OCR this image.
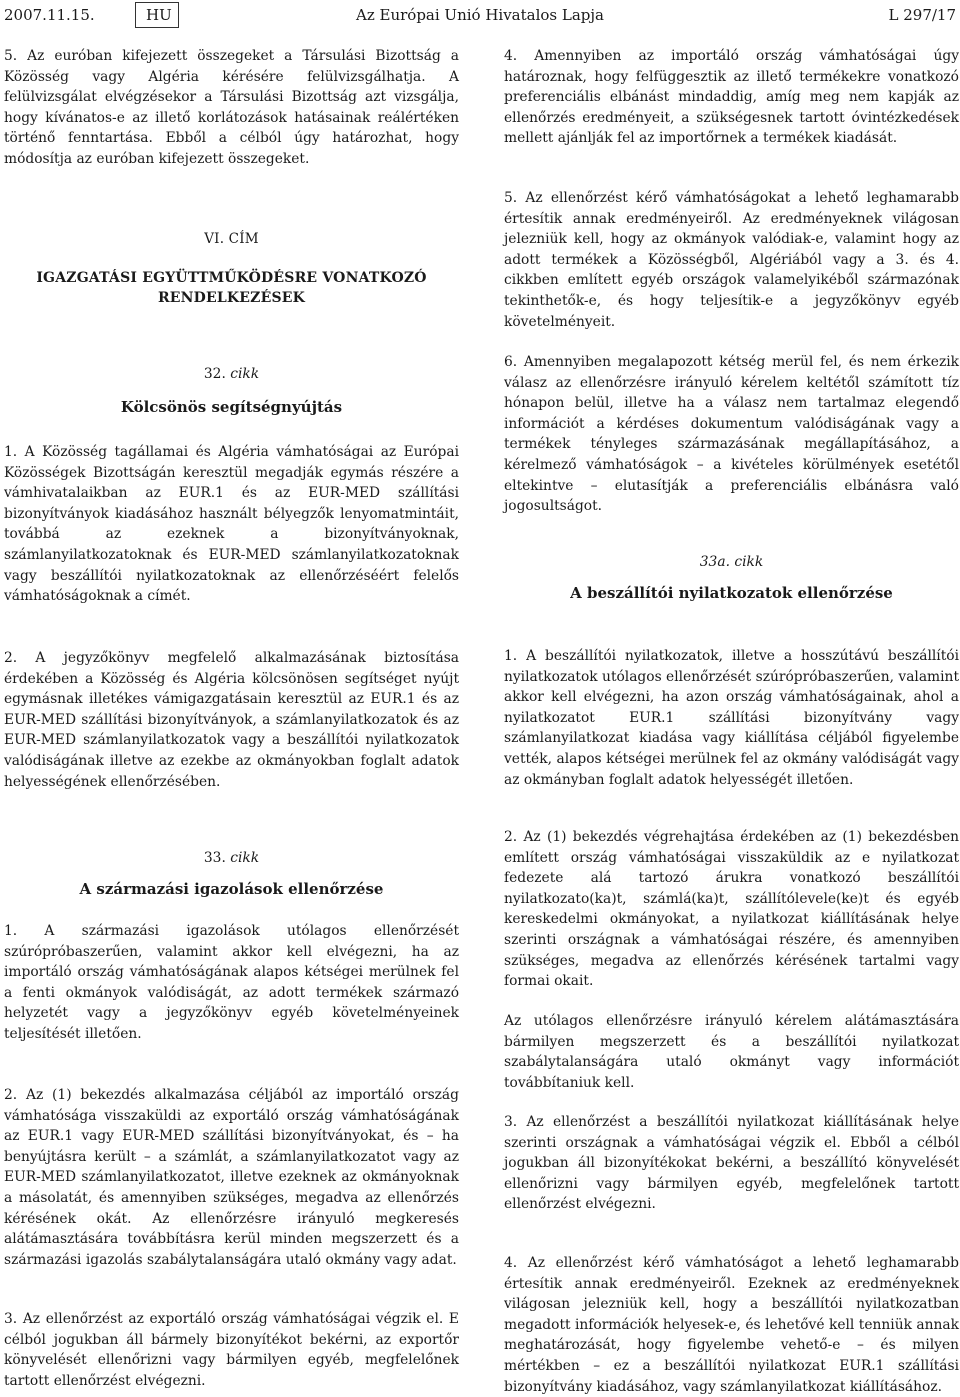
2007.11.15.	HU	Az Európai Unió Hivatalos Lapja	L 297/17

5. Az euróban kifejezett összegeket a Társulási Bizottság a Közösség vagy Algéria kérésére felülvizsgálhatja. A felülvizsgálat elvégzésekor a Társulási Bizottság azt vizsgálja, hogy kívánatos-e az illető korlátozások hatásainak reálértéken történő fenntartása. Ebből a célból úgy határozhat, hogy módosítja az euróban kifejezett összegeket.

VI. CÍM
IGAZGATÁSI EGYÜTTMŰKÖDÉSRE VONATKOZÓ
RENDELKEZÉSEK
32. cikk
Kölcsönös segítségnyújtás

1. A Közösség tagállamai és Algéria vámhatóságai az Európai Közösségek Bizottságán keresztül megadják egymás részére a vámhivatalaikban az EUR.1 és az EUR-MED szállítási bizonyítványok kiadásához használt bélyegzők lenyomatmintáit, továbbá az ezeknek a bizonyítványoknak, számlanyilatkozatoknak és EUR-MED számlanyilatkozatoknak vagy beszállítói nyilatkozatoknak az ellenőrzéséért felelős vámhatóságoknak a címét.

2. A jegyzőkönyv megfelelő alkalmazásának biztosítása érdekében a Közösség és Algéria kölcsönösen segítséget nyújt egymásnak illetékes vámigazgatásain keresztül az EUR.1 és az EUR-MED szállítási bizonyítványok, a számlanyilatkozatok és az EUR-MED számlanyilatkozatok vagy a beszállítói nyilatkozatok valódiságának illetve az ezekbe az okmányokban foglalt adatok helyességének ellenőrzésében.

33. cikk
A származási igazolások ellenőrzése

1. A származási igazolások utólagos ellenőrzését szúrópróbaszerűen, valamint akkor kell elvégezni, ha az importáló ország vámhatóságának alapos kétségei merülnek fel a fenti okmányok valódiságát, az adott termékek származó helyzetét vagy a jegyzőkönyv egyéb követelményeinek teljesítését illetően.

2. Az (1) bekezdés alkalmazása céljából az importáló ország vámhatósága visszaküldi az exportáló ország vámhatóságának az EUR.1 vagy EUR-MED szállítási bizonyítványokat, és – ha benyújtásra került – a számlát, a számlanyilatkozatot vagy az EUR-MED számlanyilatkozatot, illetve ezeknek az okmányoknak a másolatát, és amennyiben szükséges, megadva az ellenőrzés kérésének okát. Az ellenőrzésre irányuló megkeresés alátámasztására továbbításra kerül minden megszerzett és a származási igazolás szabálytalanságára utaló okmány vagy adat.

3. Az ellenőrzést az exportáló ország vámhatóságai végzik el. E célból jogukban áll bármely bizonyítékot bekérni, az exportőr könyvelését ellenőrizni vagy bármilyen egyéb, megfelelőnek tartott ellenőrzést elvégezni.

4. Amennyiben az importáló ország vámhatóságai úgy határoznak, hogy felfüggesztik az illető termékekre vonatkozó preferenciális elbánást mindaddig, amíg meg nem kapják az ellenőrzés eredményeit, a szükségesnek tartott óvintézkedések mellett ajánlják fel az importőrnek a termékek kiadását.

5. Az ellenőrzést kérő vámhatóságokat a lehető leghamarabb értesítik annak eredményeiről. Az eredményeknek világosan jelezniük kell, hogy az okmányok valódiak-e, valamint hogy az adott termékek a Közösségből, Algériából vagy a 3. és 4. cikkben említett egyéb országok valamelyikéből származónak tekinthetők-e, és hogy teljesítik-e a jegyzőkönyv egyéb követelményeit.

6. Amennyiben megalapozott kétség merül fel, és nem érkezik válasz az ellenőrzésre irányuló kérelem keltétől számított tíz hónapon belül, illetve ha a válasz nem tartalmaz elegendő információt a kérdéses dokumentum valódiságának vagy a termékek tényleges származásának megállapításához, a kérelmező vámhatóságok – a kivételes körülmények esetétől eltekintve – elutasítják a preferenciális elbánásra való jogosultságot.

33a. cikk
A beszállítói nyilatkozatok ellenőrzése

1. A beszállítói nyilatkozatok, illetve a hosszútávú beszállítói nyilatkozatok utólagos ellenőrzését szúrópróbaszerűen, valamint akkor kell elvégezni, ha azon ország vámhatóságainak, ahol a nyilatkozatot EUR.1 szállítási bizonyítvány vagy számlanyilatkozat kiadása vagy kiállítása céljából figyelembe vették, alapos kétségei merülnek fel az okmány valódiságát vagy az okmányban foglalt adatok helyességét illetően.

2. Az (1) bekezdés végrehajtása érdekében az (1) bekezdésben említett ország vámhatóságai visszaküldik az e nyilatkozat fedezete alá tartozó árukra vonatkozó beszállítói nyilatkozato(ka)t, számlá(ka)t, szállítólevele(ke)t és egyéb kereskedelmi okmányokat, a nyilatkozat kiállításának helye szerinti országnak a vámhatóságai részére, és amennyiben szükséges, megadva az ellenőrzés kérésének tartalmi vagy formai okait.

Az utólagos ellenőrzésre irányuló kérelem alátámasztására bármilyen megszerzett és a beszállítói nyilatkozat szabálytalanságára utaló okmányt vagy információt továbbítaniuk kell.

3. Az ellenőrzést a beszállítói nyilatkozat kiállításának helye szerinti országnak a vámhatóságai végzik el. Ebből a célból jogukban áll bizonyítékokat bekérni, a beszállító könyvelését ellenőrizni vagy bármilyen egyéb, megfelelőnek tartott ellenőrzést elvégezni.

4. Az ellenőrzést kérő vámhatóságot a lehető leghamarabb értesítik annak eredményeiről. Ezeknek az eredményeknek világosan jelezniük kell, hogy a beszállítói nyilatkozatban megadott információk helyesek-e, és lehetővé kell tenniük annak meghatározását, hogy figyelembe vehető-e – és milyen mértékben – ez a beszállítói nyilatkozat EUR.1 szállítási bizonyítvány kiadásához, vagy számlanyilatkozat kiállításához.
